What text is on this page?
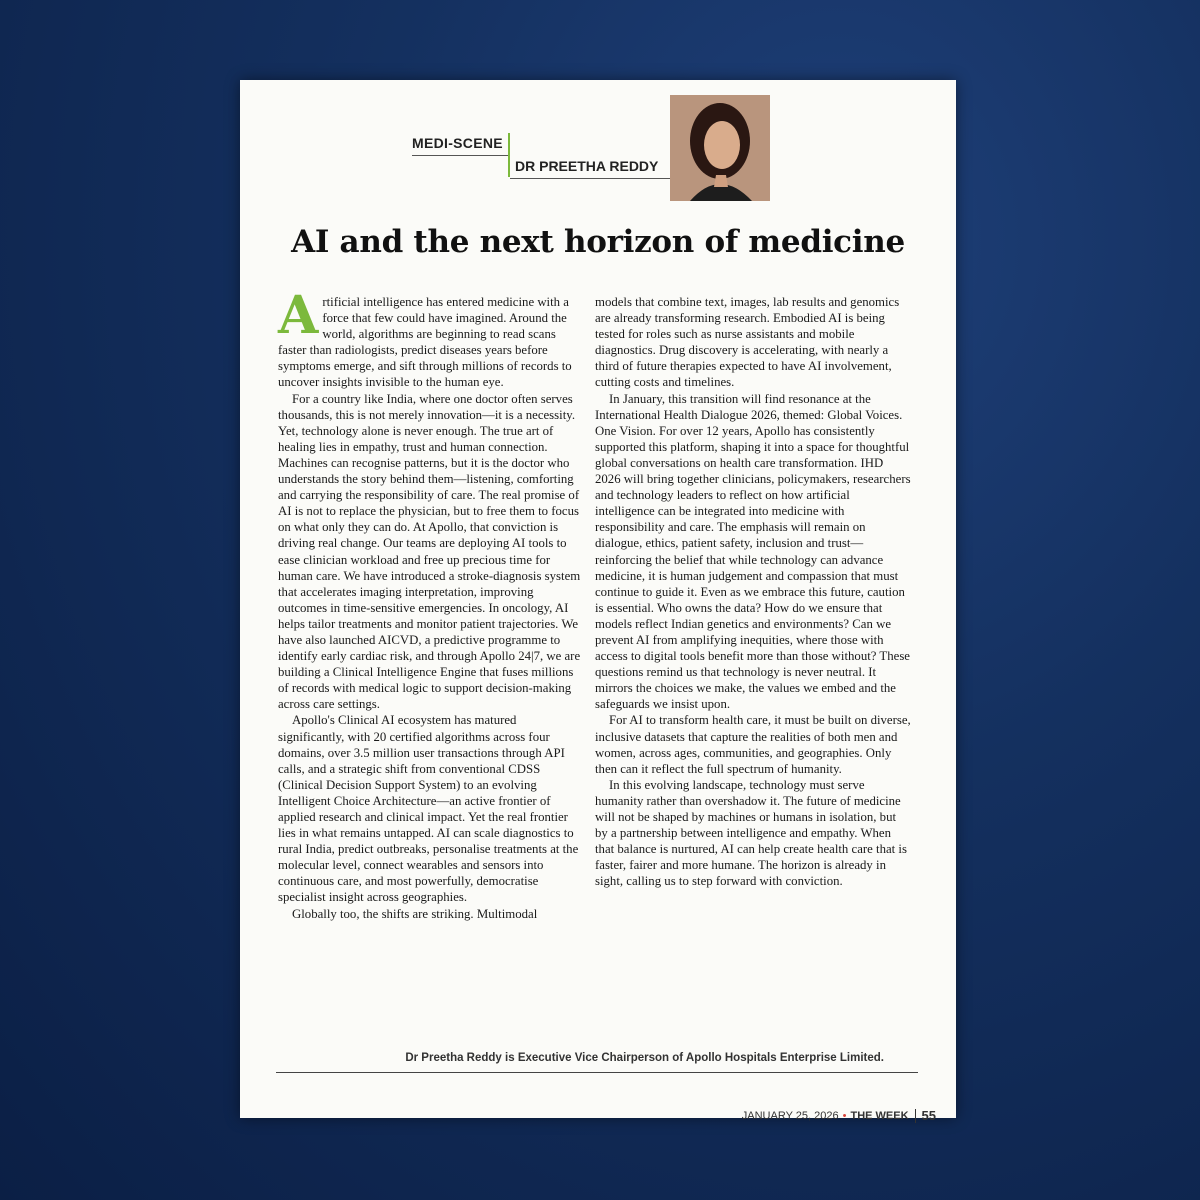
MEDI-SCENE
DR PREETHA REDDY
AI and the next horizon of medicine

Artificial intelligence has entered medicine with a force that few could have imagined. Around the world, algorithms are beginning to read scans faster than radiologists, predict diseases years before symptoms emerge, and sift through millions of records to uncover insights invisible to the human eye.

For a country like India, where one doctor often serves thousands, this is not merely innovation—it is a necessity. Yet, technology alone is never enough. The true art of healing lies in empathy, trust and human connection. Machines can recognise patterns, but it is the doctor who understands the story behind them—listening, comforting and carrying the responsibility of care. The real promise of AI is not to replace the physician, but to free them to focus on what only they can do. At Apollo, that conviction is driving real change. Our teams are deploying AI tools to ease clinician workload and free up precious time for human care. We have introduced a stroke-diagnosis system that accelerates imaging interpretation, improving outcomes in time-sensitive emergencies. In oncology, AI helps tailor treatments and monitor patient trajectories. We have also launched AICVD, a predictive programme to identify early cardiac risk, and through Apollo 24|7, we are building a Clinical Intelligence Engine that fuses millions of records with medical logic to support decision-making across care settings.

Apollo's Clinical AI ecosystem has matured significantly, with 20 certified algorithms across four domains, over 3.5 million user transactions through API calls, and a strategic shift from conventional CDSS (Clinical Decision Support System) to an evolving Intelligent Choice Architecture—an active frontier of applied research and clinical impact. Yet the real frontier lies in what remains untapped. AI can scale diagnostics to rural India, predict outbreaks, personalise treatments at the molecular level, connect wearables and sensors into continuous care, and most powerfully, democratise specialist insight across geographies.

Globally too, the shifts are striking. Multimodal

models that combine text, images, lab results and genomics are already transforming research. Embodied AI is being tested for roles such as nurse assistants and mobile diagnostics. Drug discovery is accelerating, with nearly a third of future therapies expected to have AI involvement, cutting costs and timelines.

In January, this transition will find resonance at the International Health Dialogue 2026, themed: Global Voices. One Vision. For over 12 years, Apollo has consistently supported this platform, shaping it into a space for thoughtful global conversations on health care transformation. IHD 2026 will bring together clinicians, policymakers, researchers and technology leaders to reflect on how artificial intelligence can be integrated into medicine with responsibility and care. The emphasis will remain on dialogue, ethics, patient safety, inclusion and trust—reinforcing the belief that while technology can advance medicine, it is human judgement and compassion that must continue to guide it. Even as we embrace this future, caution is essential. Who owns the data? How do we ensure that models reflect Indian genetics and environments? Can we prevent AI from amplifying inequities, where those with access to digital tools benefit more than those without? These questions remind us that technology is never neutral. It mirrors the choices we make, the values we embed and the safeguards we insist upon.

For AI to transform health care, it must be built on diverse, inclusive datasets that capture the realities of both men and women, across ages, communities, and geographies. Only then can it reflect the full spectrum of humanity.

In this evolving landscape, technology must serve humanity rather than overshadow it. The future of medicine will not be shaped by machines or humans in isolation, but by a partnership between intelligence and empathy. When that balance is nurtured, AI can help create health care that is faster, fairer and more humane. The horizon is already in sight, calling us to step forward with conviction.

Dr Preetha Reddy is Executive Vice Chairperson of Apollo Hospitals Enterprise Limited.
JANUARY 25, 2026 • THE WEEK 55
